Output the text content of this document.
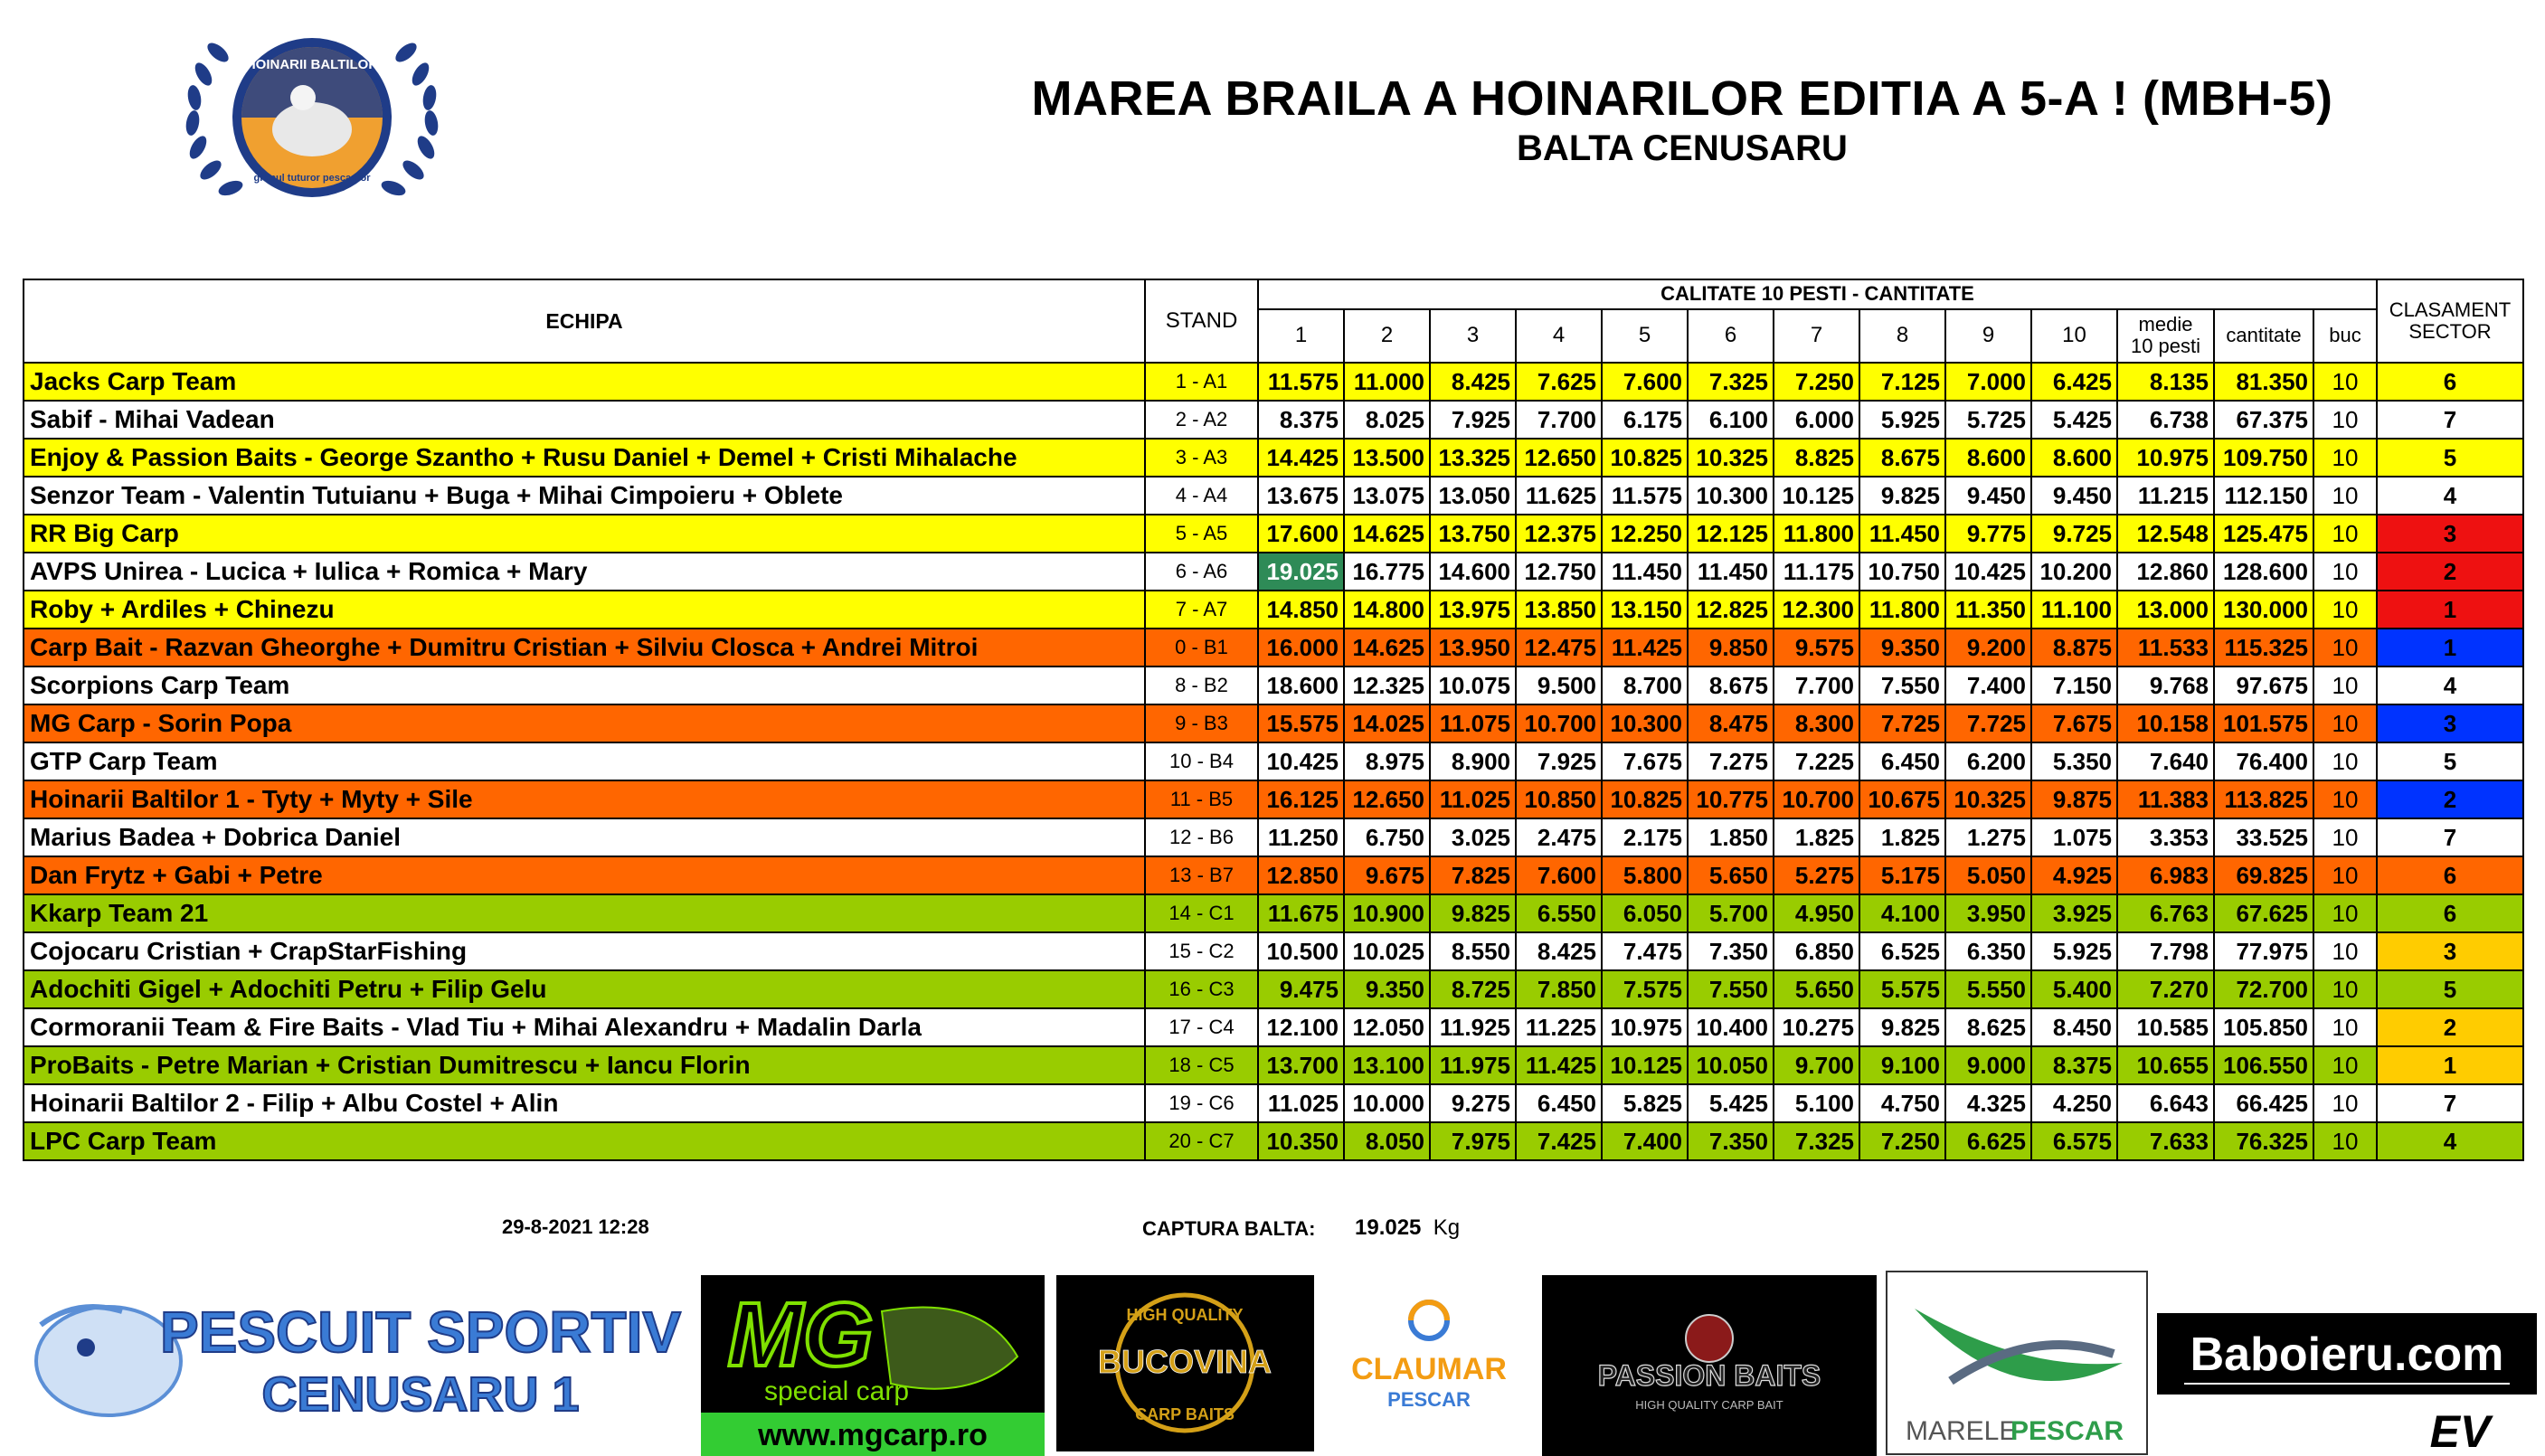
HOINARII BALTILOR
grupul tuturor pescarilor
MAREA BRAILA A HOINARILOR EDITIA A 5-A ! (MBH-5)
BALTA CENUSARU
ECHIPA	STAND	CALITATE 10 PESTI - CANTITATE													CLASAMENT
SECTOR
		1	2	3	4	5	6	7	8	9	10	medie
10 pesti	cantitate	buc	
Jacks Carp Team	1 - A1	11.575	11.000	8.425	7.625	7.600	7.325	7.250	7.125	7.000	6.425	8.135	81.350	10	6
Sabif - Mihai Vadean	2 - A2	8.375	8.025	7.925	7.700	6.175	6.100	6.000	5.925	5.725	5.425	6.738	67.375	10	7
Enjoy & Passion Baits - George Szantho + Rusu Daniel + Demel + Cristi Mihalache	3 - A3	14.425	13.500	13.325	12.650	10.825	10.325	8.825	8.675	8.600	8.600	10.975	109.750	10	5
Senzor Team - Valentin Tutuianu + Buga + Mihai Cimpoieru + Oblete	4 - A4	13.675	13.075	13.050	11.625	11.575	10.300	10.125	9.825	9.450	9.450	11.215	112.150	10	4
RR Big Carp	5 - A5	17.600	14.625	13.750	12.375	12.250	12.125	11.800	11.450	9.775	9.725	12.548	125.475	10	3
AVPS Unirea - Lucica + Iulica + Romica + Mary	6 - A6	19.025	16.775	14.600	12.750	11.450	11.450	11.175	10.750	10.425	10.200	12.860	128.600	10	2
Roby + Ardiles + Chinezu	7 - A7	14.850	14.800	13.975	13.850	13.150	12.825	12.300	11.800	11.350	11.100	13.000	130.000	10	1
Carp Bait - Razvan Gheorghe + Dumitru Cristian + Silviu Closca + Andrei Mitroi	0 - B1	16.000	14.625	13.950	12.475	11.425	9.850	9.575	9.350	9.200	8.875	11.533	115.325	10	1
Scorpions Carp Team	8 - B2	18.600	12.325	10.075	9.500	8.700	8.675	7.700	7.550	7.400	7.150	9.768	97.675	10	4
MG Carp - Sorin Popa	9 - B3	15.575	14.025	11.075	10.700	10.300	8.475	8.300	7.725	7.725	7.675	10.158	101.575	10	3
GTP Carp Team	10 - B4	10.425	8.975	8.900	7.925	7.675	7.275	7.225	6.450	6.200	5.350	7.640	76.400	10	5
Hoinarii Baltilor 1 - Tyty + Myty + Sile	11 - B5	16.125	12.650	11.025	10.850	10.825	10.775	10.700	10.675	10.325	9.875	11.383	113.825	10	2
Marius Badea + Dobrica Daniel	12 - B6	11.250	6.750	3.025	2.475	2.175	1.850	1.825	1.825	1.275	1.075	3.353	33.525	10	7
Dan Frytz + Gabi + Petre	13 - B7	12.850	9.675	7.825	7.600	5.800	5.650	5.275	5.175	5.050	4.925	6.983	69.825	10	6
Kkarp Team 21	14 - C1	11.675	10.900	9.825	6.550	6.050	5.700	4.950	4.100	3.950	3.925	6.763	67.625	10	6
Cojocaru Cristian + CrapStarFishing	15 - C2	10.500	10.025	8.550	8.425	7.475	7.350	6.850	6.525	6.350	5.925	7.798	77.975	10	3
Adochiti Gigel + Adochiti Petru + Filip Gelu	16 - C3	9.475	9.350	8.725	7.850	7.575	7.550	5.650	5.575	5.550	5.400	7.270	72.700	10	5
Cormoranii Team & Fire Baits - Vlad Tiu + Mihai Alexandru + Madalin Darla	17 - C4	12.100	12.050	11.925	11.225	10.975	10.400	10.275	9.825	8.625	8.450	10.585	105.850	10	2
ProBaits - Petre Marian + Cristian Dumitrescu + Iancu Florin	18 - C5	13.700	13.100	11.975	11.425	10.125	10.050	9.700	9.100	9.000	8.375	10.655	106.550	10	1
Hoinarii Baltilor 2 - Filip + Albu Costel + Alin	19 - C6	11.025	10.000	9.275	6.450	5.825	5.425	5.100	4.750	4.325	4.250	6.643	66.425	10	7
LPC Carp Team	20 - C7	10.350	8.050	7.975	7.425	7.400	7.350	7.325	7.250	6.625	6.575	7.633	76.325	10	4
29-8-2021 12:28	CAPTURA BALTA: 19.025 Kg
PESCUIT SPORTIV
CENUSARU 1
MG
special carp
www.mgcarp.ro
HIGH QUALITY
BUCOVINA
CARP BAITS
CLAUMAR
PESCAR
PASSION BAITS
HIGH QUALITY CARP BAIT
MARELE
PESCAR
Baboieru.com
EV
